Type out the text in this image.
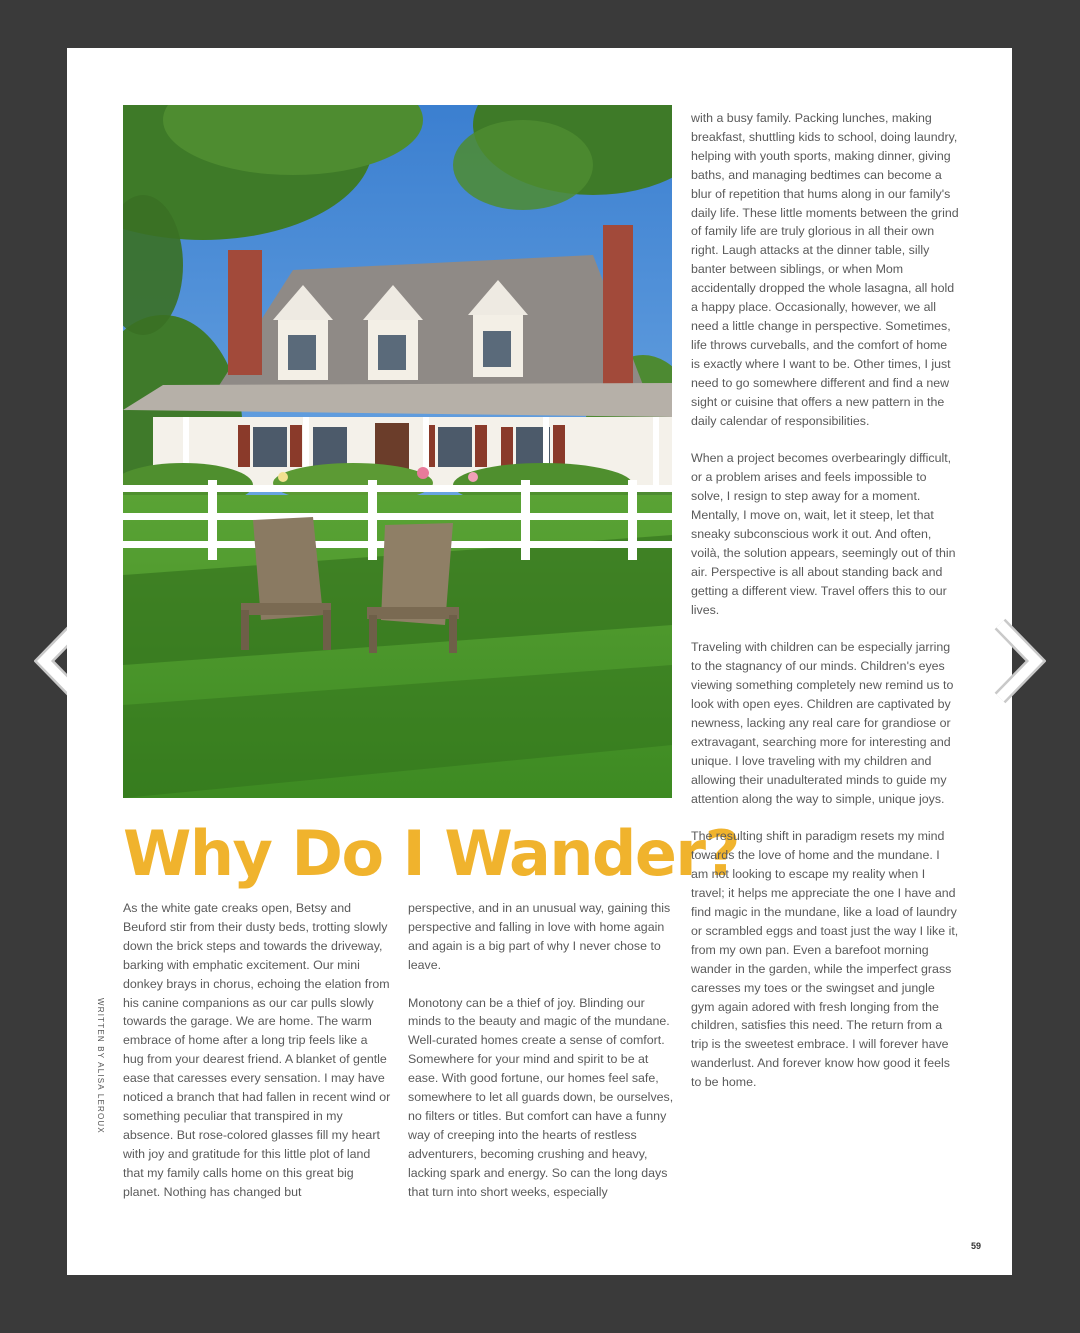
Why Do I Wander?
WRITTEN BY ALISA LEROUX

As the white gate creaks open, Betsy and Beuford stir from their dusty beds, trotting slowly down the brick steps and towards the driveway, barking with emphatic excitement. Our mini donkey brays in chorus, echoing the elation from his canine companions as our car pulls slowly towards the garage. We are home. The warm embrace of home after a long trip feels like a hug from your dearest friend. A blanket of gentle ease that caresses every sensation. I may have noticed a branch that had fallen in recent wind or something peculiar that transpired in my absence. But rose-colored glasses fill my heart with joy and gratitude for this little plot of land that my family calls home on this great big planet. Nothing has changed but

perspective, and in an unusual way, gaining this perspective and falling in love with home again and again is a big part of why I never chose to leave.

Monotony can be a thief of joy. Blinding our minds to the beauty and magic of the mundane. Well-curated homes create a sense of comfort. Somewhere for your mind and spirit to be at ease. With good fortune, our homes feel safe, somewhere to let all guards down, be ourselves, no filters or titles. But comfort can have a funny way of creeping into the hearts of restless adventurers, becoming crushing and heavy, lacking spark and energy. So can the long days that turn into short weeks, especially

with a busy family. Packing lunches, making breakfast, shuttling kids to school, doing laundry, helping with youth sports, making dinner, giving baths, and managing bedtimes can become a blur of repetition that hums along in our family's daily life. These little moments between the grind of family life are truly glorious in all their own right. Laugh attacks at the dinner table, silly banter between siblings, or when Mom accidentally dropped the whole lasagna, all hold a happy place. Occasionally, however, we all need a little change in perspective. Sometimes, life throws curveballs, and the comfort of home is exactly where I want to be. Other times, I just need to go somewhere different and find a new sight or cuisine that offers a new pattern in the daily calendar of responsibilities.

When a project becomes overbearingly difficult, or a problem arises and feels impossible to solve, I resign to step away for a moment. Mentally, I move on, wait, let it steep, let that sneaky subconscious work it out. And often, voilà, the solution appears, seemingly out of thin air. Perspective is all about standing back and getting a different view. Travel offers this to our lives.

Traveling with children can be especially jarring to the stagnancy of our minds. Children's eyes viewing something completely new remind us to look with open eyes. Children are captivated by newness, lacking any real care for grandiose or extravagant, searching more for interesting and unique. I love traveling with my children and allowing their unadulterated minds to guide my attention along the way to simple, unique joys.

The resulting shift in paradigm resets my mind towards the love of home and the mundane. I am not looking to escape my reality when I travel; it helps me appreciate the one I have and find magic in the mundane, like a load of laundry or scrambled eggs and toast just the way I like it, from my own pan. Even a barefoot morning wander in the garden, while the imperfect grass caresses my toes or the swingset and jungle gym again adored with fresh longing from the children, satisfies this need. The return from a trip is the sweetest embrace. I will forever have wanderlust. And forever know how good it feels to be home.

59
